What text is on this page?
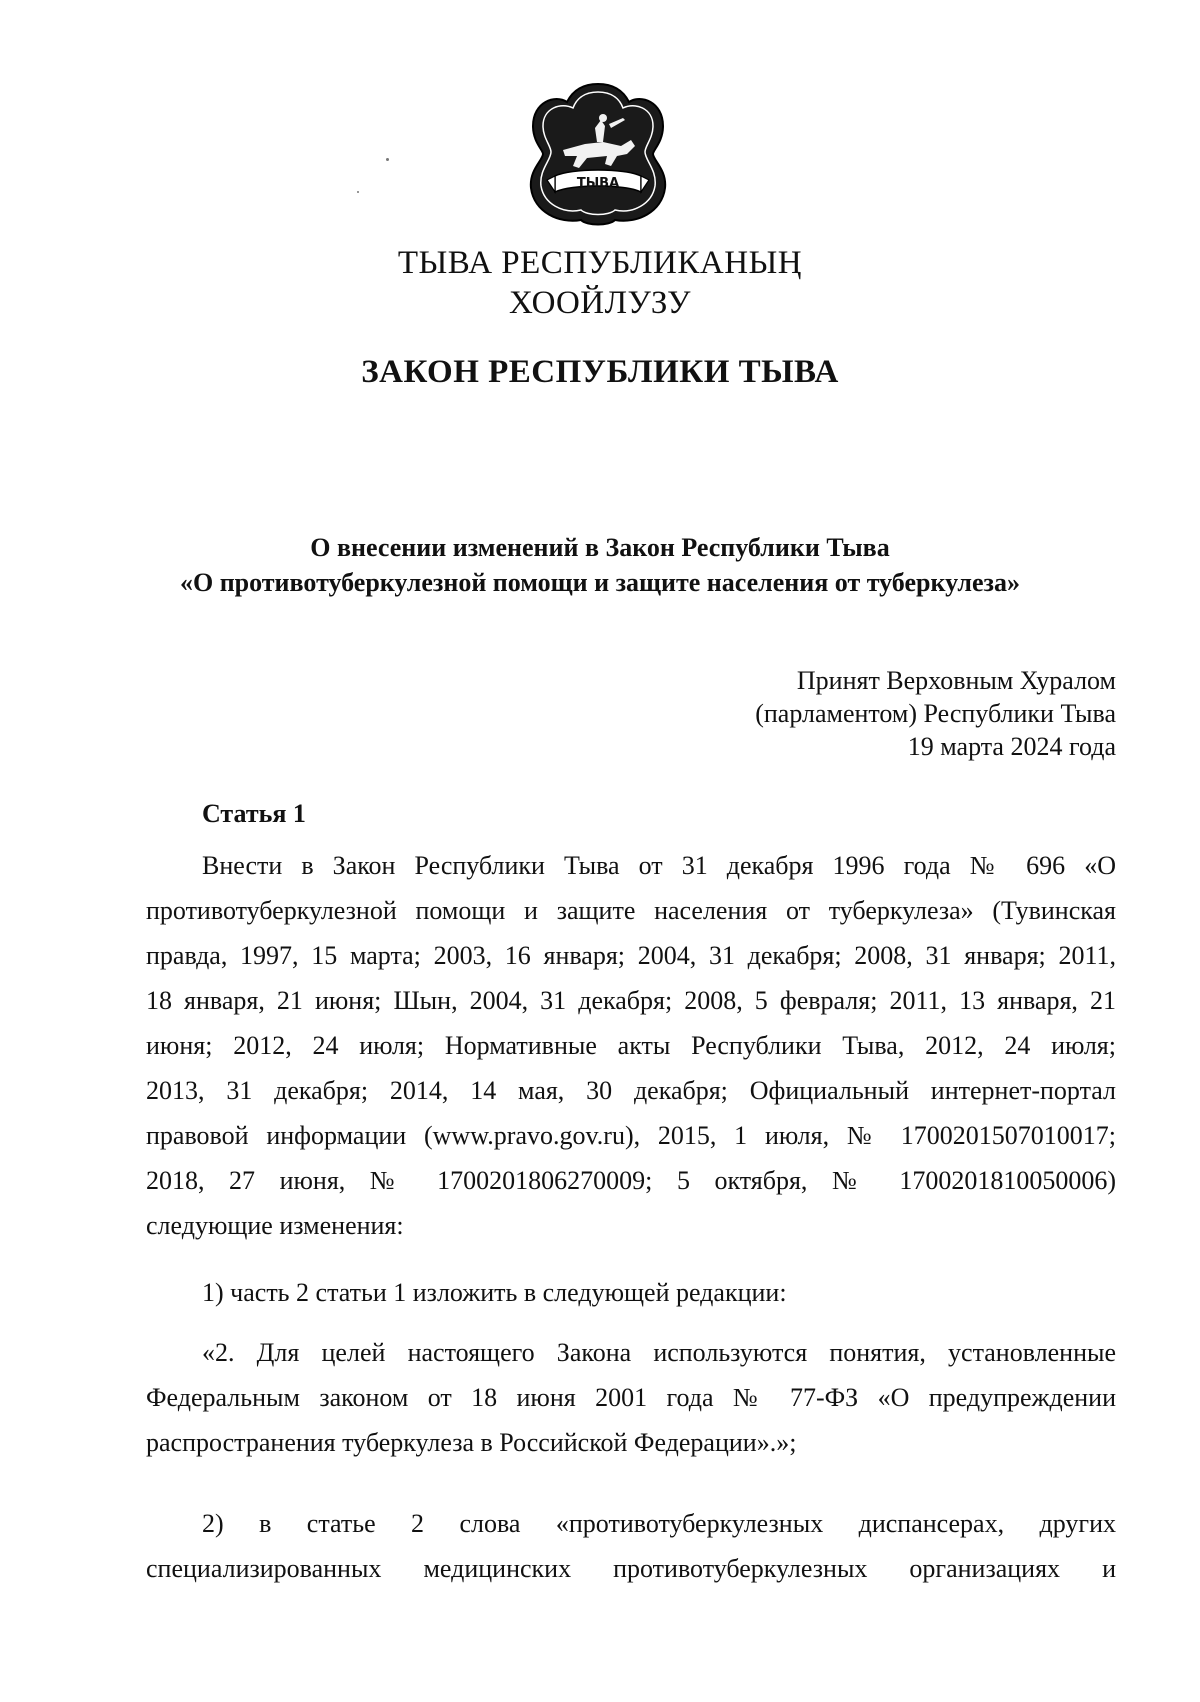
ТЫВА
ТЫВА РЕСПУБЛИКАНЫҢ
ХООЙЛУЗУ
ЗАКОН РЕСПУБЛИКИ ТЫВА
О внесении изменений в Закон Республики Тыва
«О противотуберкулезной помощи и защите населения от туберкулеза»
Принят Верховным Хуралом
(парламентом) Республики Тыва
19 марта 2024 года
Статья 1
Внести в Закон Республики Тыва от 31 декабря 1996 года № 696 «О
противотуберкулезной помощи и защите населения от туберкулеза» (Тувинская
правда, 1997, 15 марта; 2003, 16 января; 2004, 31 декабря; 2008, 31 января; 2011,
18 января, 21 июня; Шын, 2004, 31 декабря; 2008, 5 февраля; 2011, 13 января, 21
июня; 2012, 24 июля; Нормативные акты Республики Тыва, 2012, 24 июля;
2013, 31 декабря; 2014, 14 мая, 30 декабря; Официальный интернет-портал
правовой информации (www.pravo.gov.ru), 2015, 1 июля, № 1700201507010017;
2018, 27 июня, № 1700201806270009; 5 октября, № 1700201810050006)
следующие изменения:
1) часть 2 статьи 1 изложить в следующей редакции:
«2. Для целей настоящего Закона используются понятия, установленные
Федеральным законом от 18 июня 2001 года № 77-ФЗ «О предупреждении
распространения туберкулеза в Российской Федерации».»;
2) в статье 2 слова «противотуберкулезных диспансерах, других
специализированных медицинских противотуберкулезных организациях и
